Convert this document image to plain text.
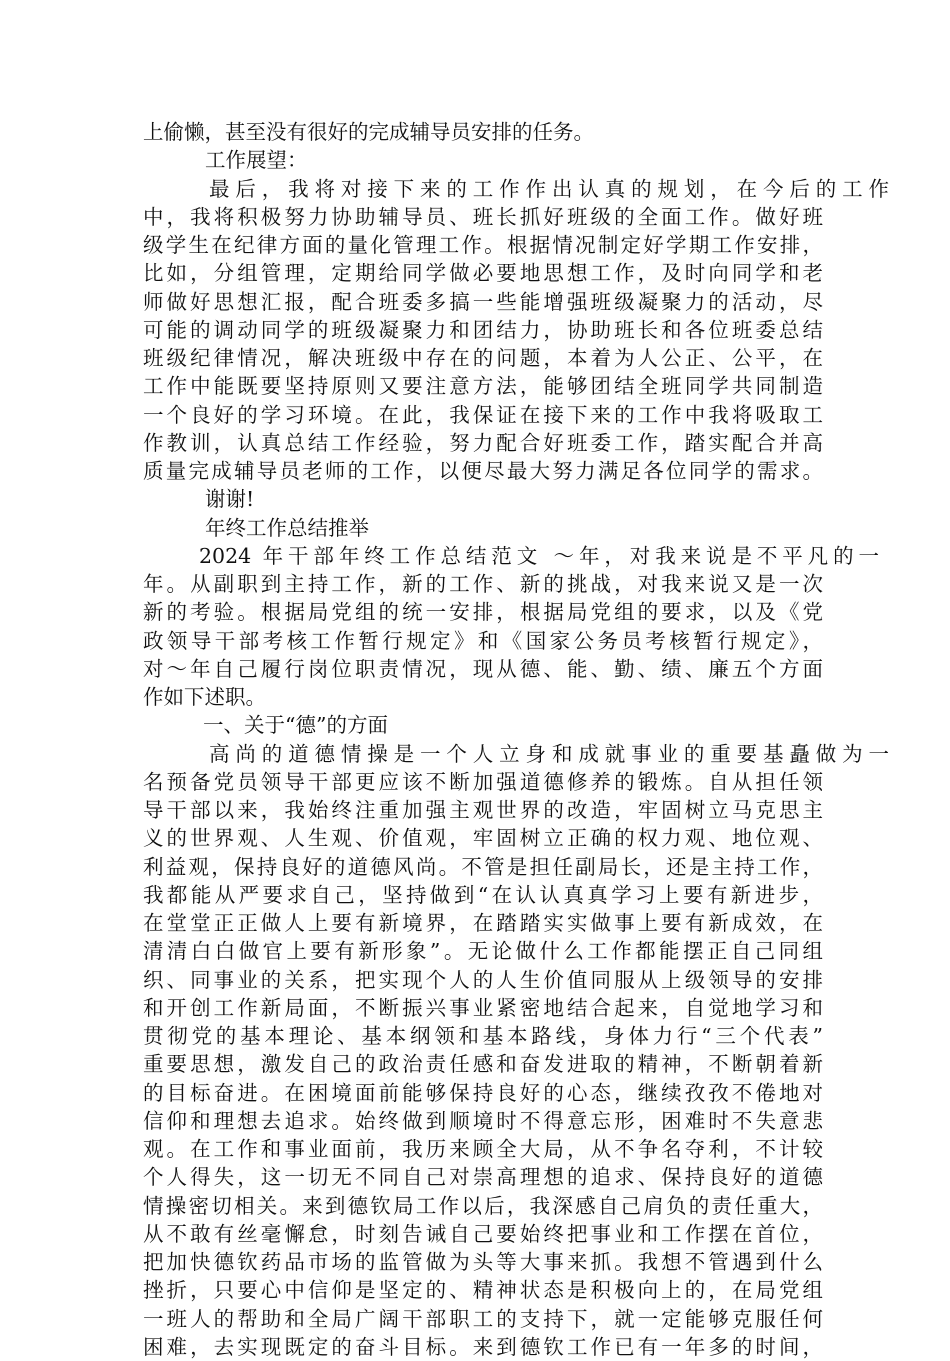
上偷懒，甚至没有很好的完成辅导员安排的任务。
工作展望：
最后，我将对接下来的工作作出认真的规划，在今后的工作
中，我将积极努力协助辅导员、班长抓好班级的全面工作。做好班
级学生在纪律方面的量化管理工作。根据情况制定好学期工作安排，
比如，分组管理，定期给同学做必要地思想工作，及时向同学和老
师做好思想汇报，配合班委多搞一些能增强班级凝聚力的活动，尽
可能的调动同学的班级凝聚力和团结力，协助班长和各位班委总结
班级纪律情况，解决班级中存在的问题，本着为人公正、公平，在
工作中能既要坚持原则又要注意方法，能够团结全班同学共同制造
一个良好的学习环境。在此，我保证在接下来的工作中我将吸取工
作教训，认真总结工作经验，努力配合好班委工作，踏实配合并高
质量完成辅导员老师的工作，以便尽最大努力满足各位同学的需求。
谢谢!
年终工作总结推举
2024 年干部年终工作总结范文 ～年，对我来说是不平凡的一
年。从副职到主持工作，新的工作、新的挑战，对我来说又是一次
新的考验。根据局党组的统一安排，根据局党组的要求，以及《党
政领导干部考核工作暂行规定》和《国家公务员考核暂行规定》，
对～年自己履行岗位职责情况，现从德、能、勤、绩、廉五个方面
作如下述职。
一、关于“德”的方面
高尚的道德情操是一个人立身和成就事业的重要基矗做为一
名预备党员领导干部更应该不断加强道德修养的锻炼。自从担任领
导干部以来，我始终注重加强主观世界的改造，牢固树立马克思主
义的世界观、人生观、价值观，牢固树立正确的权力观、地位观、
利益观，保持良好的道德风尚。不管是担任副局长，还是主持工作，
我都能从严要求自己，坚持做到“在认认真真学习上要有新进步，
在堂堂正正做人上要有新境界，在踏踏实实做事上要有新成效，在
清清白白做官上要有新形象”。无论做什么工作都能摆正自己同组
织、同事业的关系，把实现个人的人生价值同服从上级领导的安排
和开创工作新局面，不断振兴事业紧密地结合起来，自觉地学习和
贯彻党的基本理论、基本纲领和基本路线，身体力行“三个代表”
重要思想，激发自己的政治责任感和奋发进取的精神，不断朝着新
的目标奋进。在困境面前能够保持良好的心态，继续孜孜不倦地对
信仰和理想去追求。始终做到顺境时不得意忘形，困难时不失意悲
观。在工作和事业面前，我历来顾全大局，从不争名夺利，不计较
个人得失，这一切无不同自己对崇高理想的追求、保持良好的道德
情操密切相关。来到德钦局工作以后，我深感自己肩负的责任重大，
从不敢有丝毫懈怠，时刻告诫自己要始终把事业和工作摆在首位，
把加快德钦药品市场的监管做为头等大事来抓。我想不管遇到什么
挫折，只要心中信仰是坚定的、精神状态是积极向上的，在局党组
一班人的帮助和全局广阔干部职工的支持下，就一定能够克服任何
困难，去实现既定的奋斗目标。来到德钦工作已有一年多的时间，
